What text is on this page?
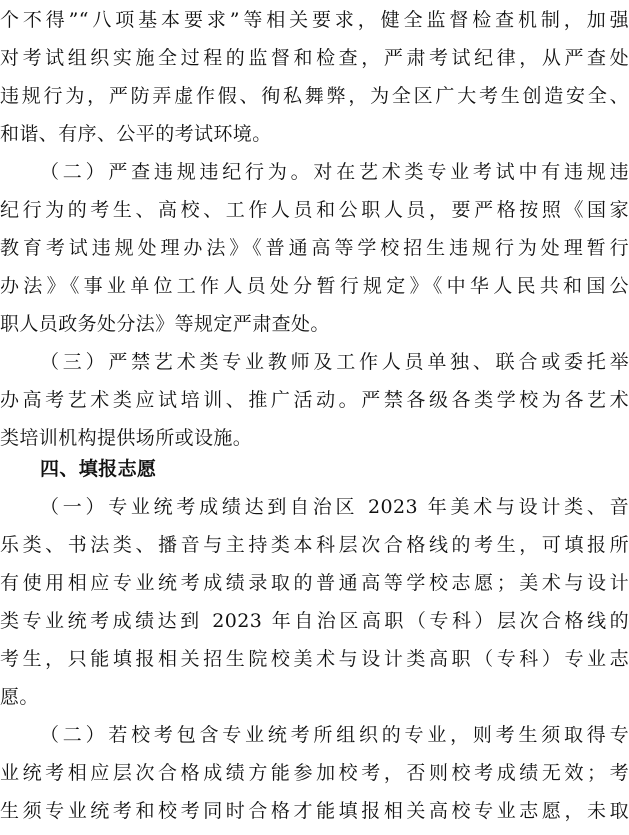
个不得”“八项基本要求”等相关要求，健全监督检查机制，加强
对考试组织实施全过程的监督和检查，严肃考试纪律，从严查处
违规行为，严防弄虚作假、徇私舞弊，为全区广大考生创造安全、
和谐、有序、公平的考试环境。
（二）严查违规违纪行为。对在艺术类专业考试中有违规违
纪行为的考生、高校、工作人员和公职人员，要严格按照《国家
教育考试违规处理办法》《普通高等学校招生违规行为处理暂行
办法》《事业单位工作人员处分暂行规定》《中华人民共和国公
职人员政务处分法》等规定严肃查处。
（三）严禁艺术类专业教师及工作人员单独、联合或委托举
办高考艺术类应试培训、推广活动。严禁各级各类学校为各艺术
类培训机构提供场所或设施。
四、填报志愿
（一）专业统考成绩达到自治区 2023 年美术与设计类、音
乐类、书法类、播音与主持类本科层次合格线的考生，可填报所
有使用相应专业统考成绩录取的普通高等学校志愿；美术与设计
类专业统考成绩达到 2023 年自治区高职（专科）层次合格线的
考生，只能填报相关招生院校美术与设计类高职（专科）专业志
愿。
（二）若校考包含专业统考所组织的专业，则考生须取得专
业统考相应层次合格成绩方能参加校考，否则校考成绩无效；考
生须专业统考和校考同时合格才能填报相关高校专业志愿，未取
